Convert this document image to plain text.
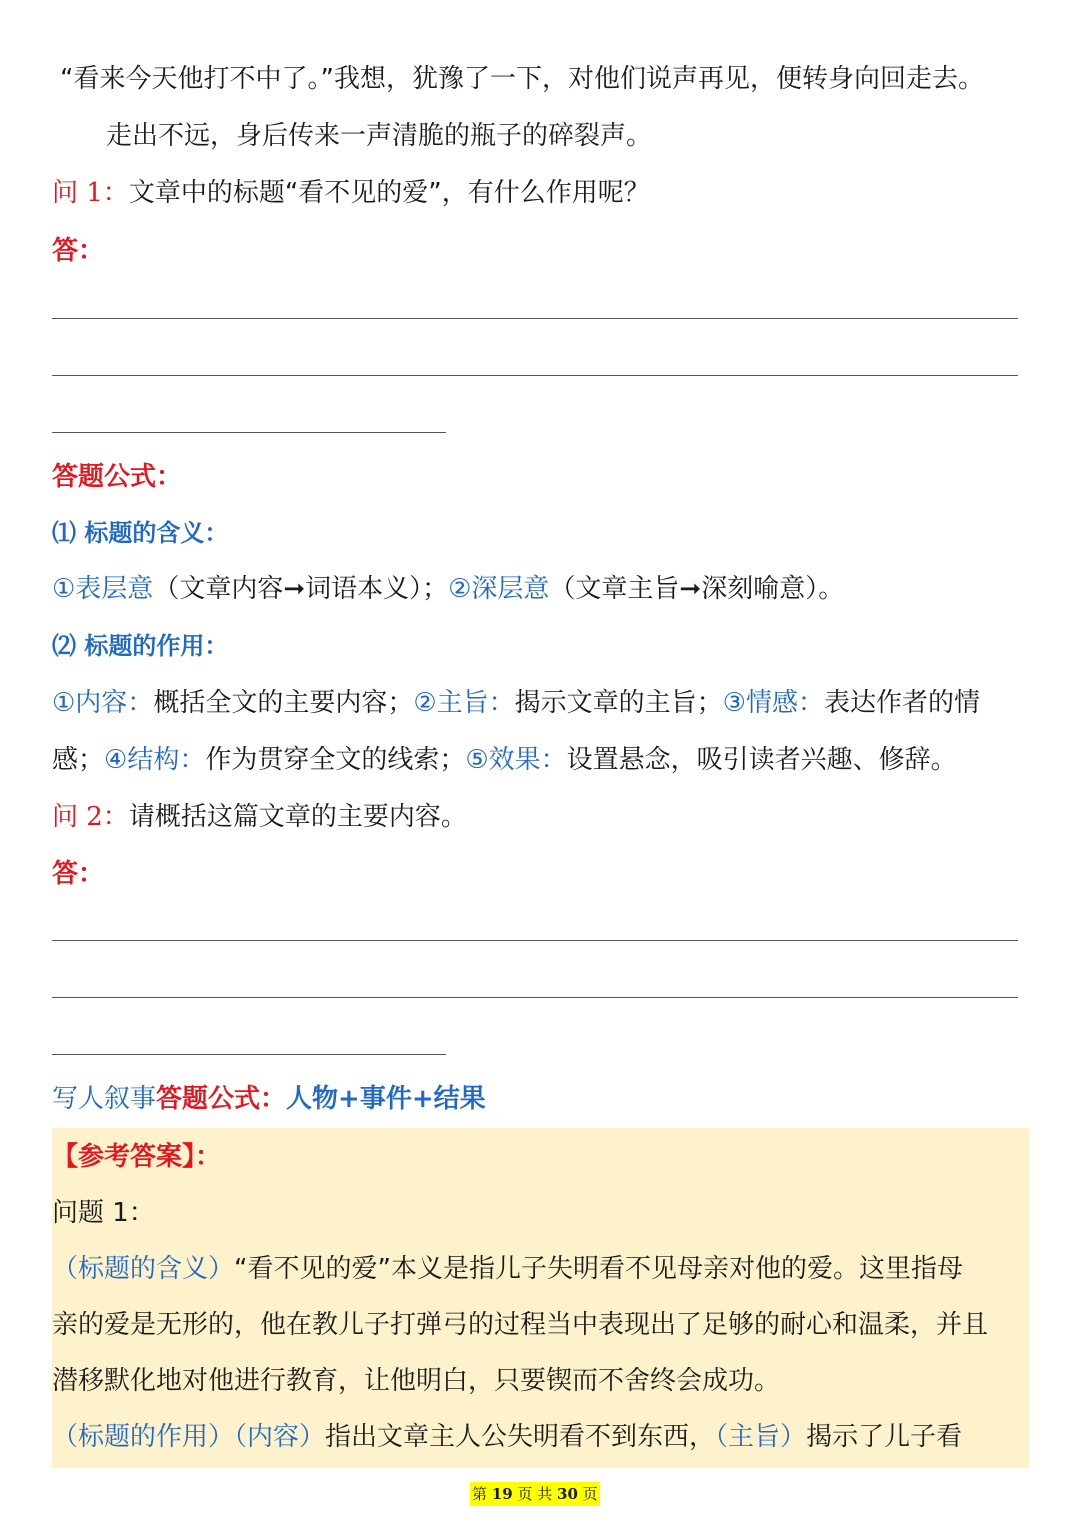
“看来今天他打不中了。”我想，犹豫了一下，对他们说声再见，便转身向回走去。
走出不远，身后传来一声清脆的瓶子的碎裂声。
问 1：文章中的标题“看不见的爱”，有什么作用呢？
答：
答题公式：
⑴ 标题的含义：
①表层意（文章内容➞词语本义）；②深层意（文章主旨➞深刻喻意）。
⑵ 标题的作用：
①内容：概括全文的主要内容；②主旨：揭示文章的主旨；③情感：表达作者的情
感；④结构：作为贯穿全文的线索；⑤效果：设置悬念，吸引读者兴趣、修辞。
问 2：请概括这篇文章的主要内容。
答：
写人叙事答题公式：人物+事件+结果
【参考答案】：
问题 1：
（标题的含义）“看不见的爱”本义是指儿子失明看不见母亲对他的爱。这里指母
亲的爱是无形的，他在教儿子打弹弓的过程当中表现出了足够的耐心和温柔，并且
潜移默化地对他进行教育，让他明白，只要锲而不舍终会成功。
（标题的作用）（内容）指出文章主人公失明看不到东西，（主旨）揭示了儿子看
第 19 页 共 30 页
